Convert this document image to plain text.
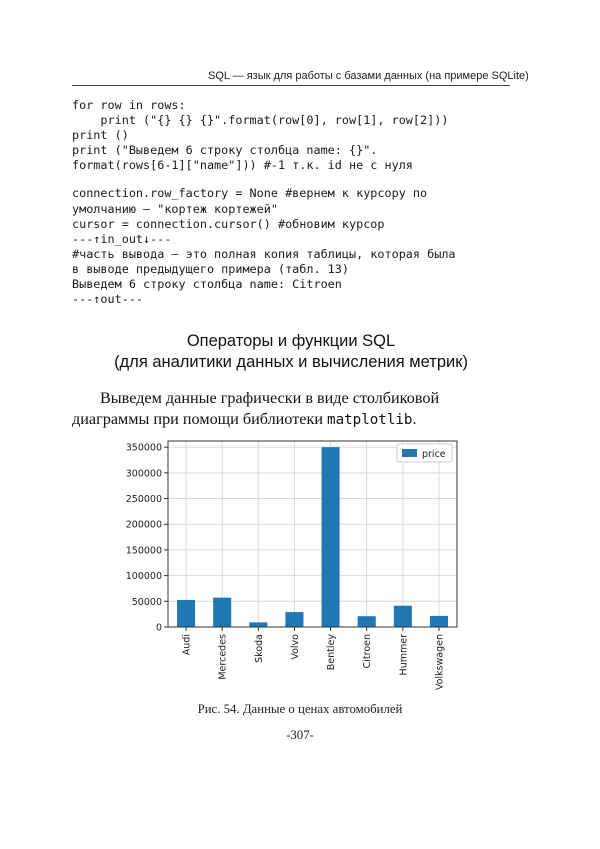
SQL — язык для работы с базами данных (на примере SQLite)
for row in rows:
print ("{} {} {}".format(row[0], row[1], row[2]))
print ()
print ("Выведем 6 строку столбца name: {}".
format(rows[6-1]["name"])) #-1 т.к. id не с нуля
connection.row_factory = None #вернем к курсору по
умолчанию — "кортеж кортежей"
cursor = connection.cursor() #обновим курсор
---↑in_out↓---
#часть вывода — это полная копия таблицы, которая была
в выводе предыдущего примера (табл. 13)
Выведем 6 строку столбца name: Citroen
---↑out---
Операторы и функции SQL
(для аналитики данных и вычисления метрик)
Выведем данные графически в виде столбиковой диаграммы при помощи библиотеки matplotlib.
0
50000
100000
150000
200000
250000
300000
350000
Audi	Mercedes	Skoda	Volvo	Bentley	Citroen	Hummer	Volkswagen
price
Рис. 54. Данные о ценах автомобилей
-307-
